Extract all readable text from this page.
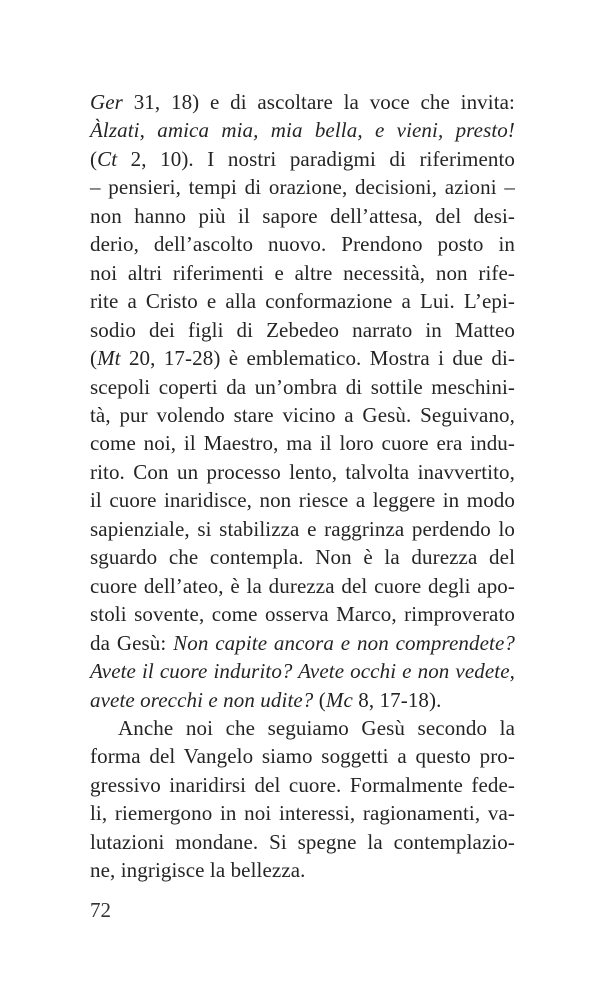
Ger 31, 18) e di ascoltare la voce che invita:
Àlzati, amica mia, mia bella, e vieni, presto!
(Ct 2, 10). I nostri paradigmi di riferimento
– pensieri, tempi di orazione, decisioni, azioni –
non hanno più il sapore dell’attesa, del desi-
derio, dell’ascolto nuovo. Prendono posto in
noi altri riferimenti e altre necessità, non rife-
rite a Cristo e alla conformazione a Lui. L’epi-
sodio dei figli di Zebedeo narrato in Matteo
(Mt 20, 17-28) è emblematico. Mostra i due di-
scepoli coperti da un’ombra di sottile meschini-
tà, pur volendo stare vicino a Gesù. Seguivano,
come noi, il Maestro, ma il loro cuore era indu-
rito. Con un processo lento, talvolta inavvertito,
il cuore inaridisce, non riesce a leggere in modo
sapienziale, si stabilizza e raggrinza perdendo lo
sguardo che contempla. Non è la durezza del
cuore dell’ateo, è la durezza del cuore degli apo-
stoli sovente, come osserva Marco, rimproverato
da Gesù: Non capite ancora e non comprendete?
Avete il cuore indurito? Avete occhi e non vedete,
avete orecchi e non udite? (Mc 8, 17-18).
Anche noi che seguiamo Gesù secondo la
forma del Vangelo siamo soggetti a questo pro-
gressivo inaridirsi del cuore. Formalmente fede-
li, riemergono in noi interessi, ragionamenti, va-
lutazioni mondane. Si spegne la contemplazio-
ne, ingrigisce la bellezza.
72
